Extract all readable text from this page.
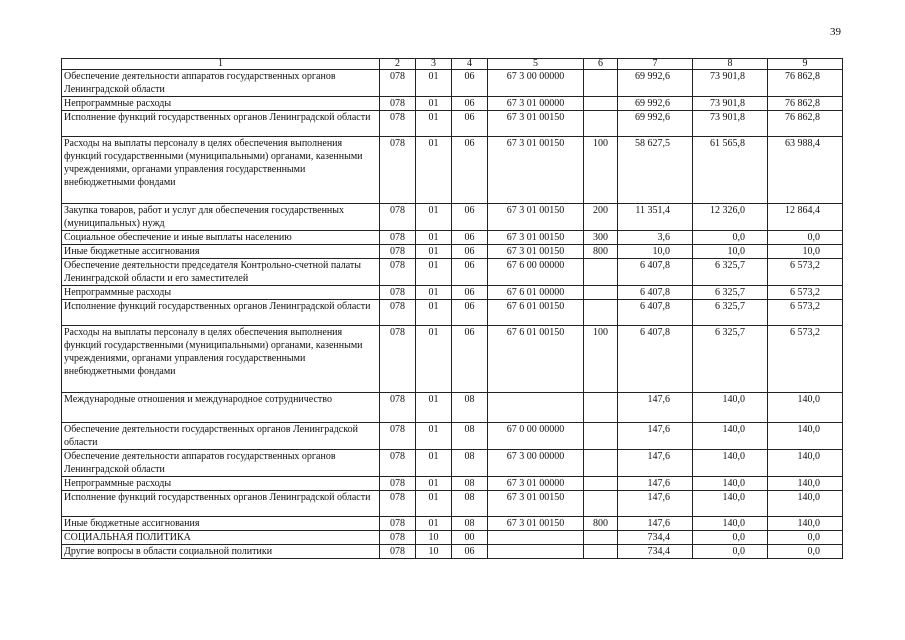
39
1	2	3	4	5	6	7	8	9
Обеспечение деятельности аппаратов государственных органов Ленинградской области	078	01	06	67 3 00 00000		69 992,6	73 901,8	76 862,8
Непрограммные расходы	078	01	06	67 3 01 00000		69 992,6	73 901,8	76 862,8
Исполнение функций государственных органов Ленинградской области	078	01	06	67 3 01 00150		69 992,6	73 901,8	76 862,8
Расходы на выплаты персоналу в целях обеспечения выполнения функций государственными (муниципальными) органами, казенными учреждениями, органами управления государственными внебюджетными фондами	078	01	06	67 3 01 00150	100	58 627,5	61 565,8	63 988,4
Закупка товаров, работ и услуг для обеспечения государственных (муниципальных) нужд	078	01	06	67 3 01 00150	200	11 351,4	12 326,0	12 864,4
Социальное обеспечение и иные выплаты населению	078	01	06	67 3 01 00150	300	3,6	0,0	0,0
Иные бюджетные ассигнования	078	01	06	67 3 01 00150	800	10,0	10,0	10,0
Обеспечение деятельности председателя Контрольно-счетной палаты Ленинградской области и его заместителей	078	01	06	67 6 00 00000		6 407,8	6 325,7	6 573,2
Непрограммные расходы	078	01	06	67 6 01 00000		6 407,8	6 325,7	6 573,2
Исполнение функций государственных органов Ленинградской области	078	01	06	67 6 01 00150		6 407,8	6 325,7	6 573,2
Расходы на выплаты персоналу в целях обеспечения выполнения функций государственными (муниципальными) органами, казенными учреждениями, органами управления государственными внебюджетными фондами	078	01	06	67 6 01 00150	100	6 407,8	6 325,7	6 573,2
Международные отношения и международное сотрудничество	078	01	08			147,6	140,0	140,0
Обеспечение деятельности государственных органов Ленинградской области	078	01	08	67 0 00 00000		147,6	140,0	140,0
Обеспечение деятельности аппаратов государственных органов Ленинградской области	078	01	08	67 3 00 00000		147,6	140,0	140,0
Непрограммные расходы	078	01	08	67 3 01 00000		147,6	140,0	140,0
Исполнение функций государственных органов Ленинградской области	078	01	08	67 3 01 00150		147,6	140,0	140,0
Иные бюджетные ассигнования	078	01	08	67 3 01 00150	800	147,6	140,0	140,0
СОЦИАЛЬНАЯ ПОЛИТИКА	078	10	00			734,4	0,0	0,0
Другие вопросы в области социальной политики	078	10	06			734,4	0,0	0,0
